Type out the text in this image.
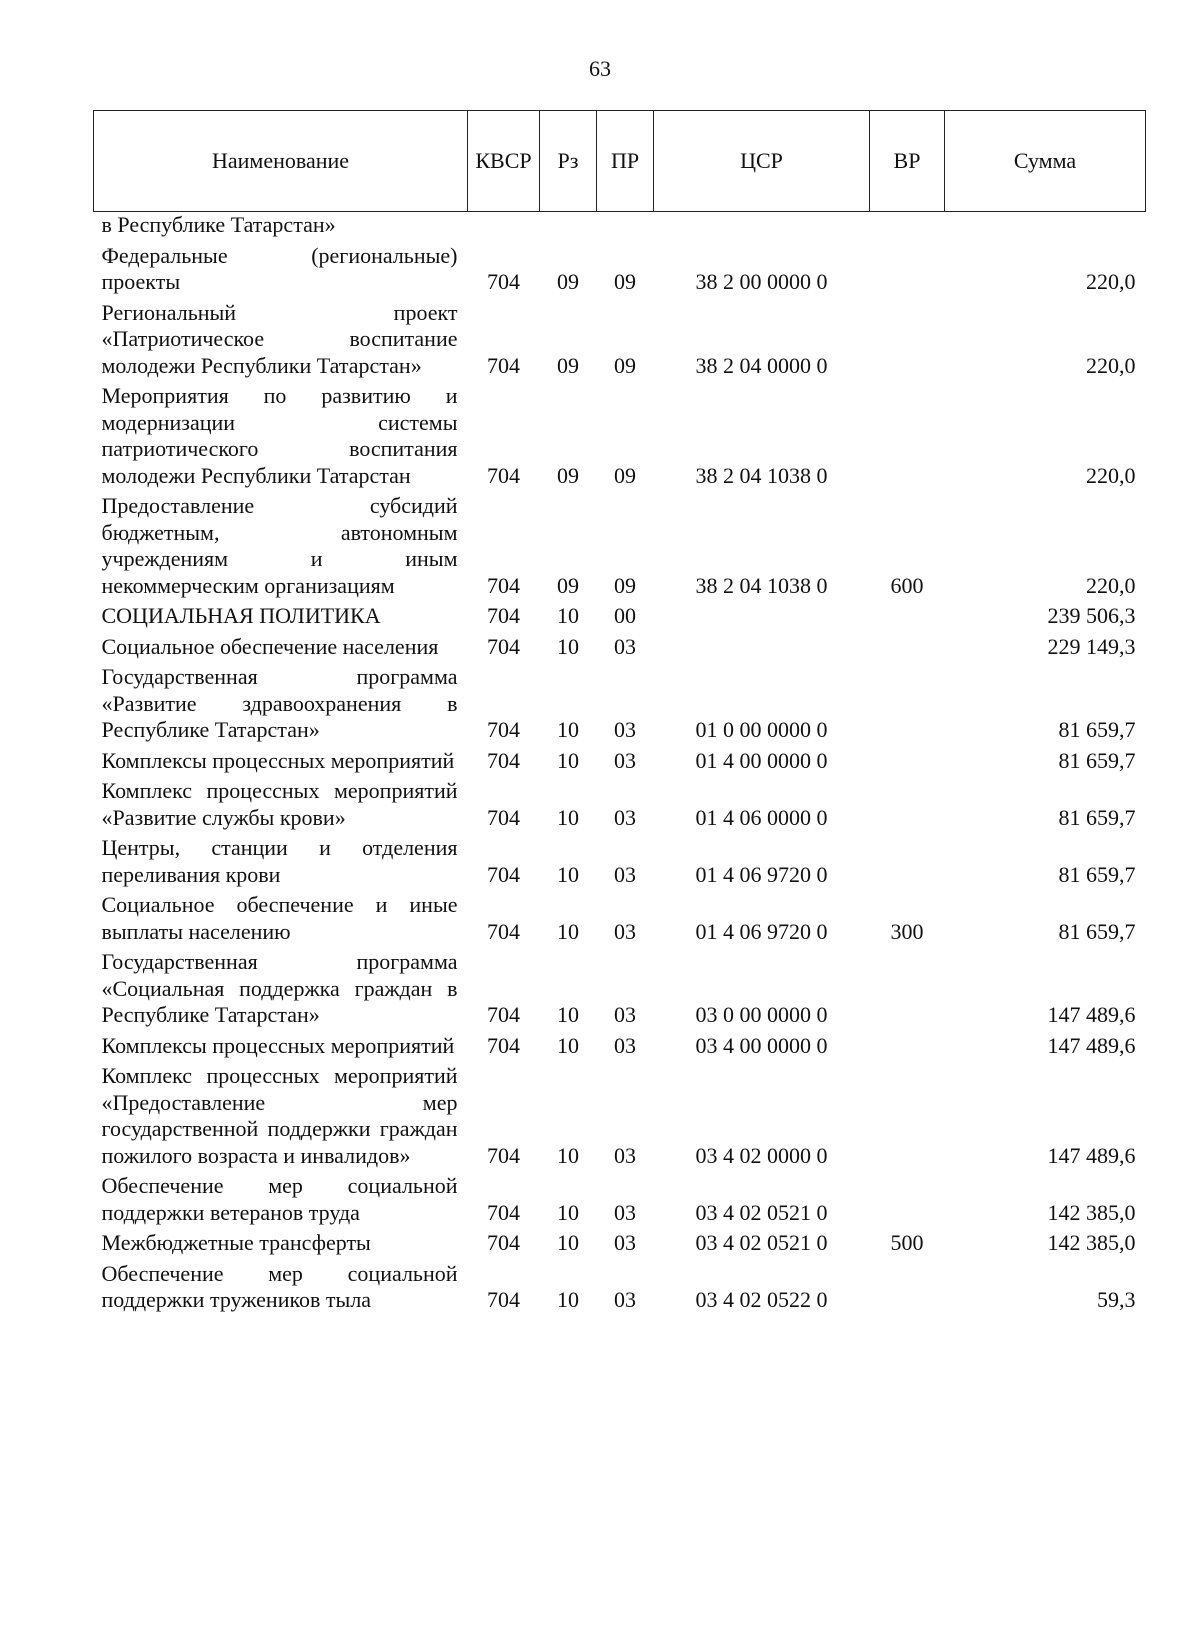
63
Наименование	КВСР	Рз	ПР	ЦСР	ВР	Сумма
в Республике Татарстан»						
Федеральные (региональные) проекты	704	09	09	38 2 00 0000 0		220,0
Региональный проект «Патриотическое воспитание молодежи Республики Татарстан»	704	09	09	38 2 04 0000 0		220,0
Мероприятия по развитию и модернизации системы патриотического воспитания молодежи Республики Татарстан	704	09	09	38 2 04 1038 0		220,0
Предоставление субсидий бюджетным, автономным учреждениям и иным некоммерческим организациям	704	09	09	38 2 04 1038 0	600	220,0
СОЦИАЛЬНАЯ ПОЛИТИКА	704	10	00			239 506,3
Социальное обеспечение населения	704	10	03			229 149,3
Государственная программа «Развитие здравоохранения в Республике Татарстан»	704	10	03	01 0 00 0000 0		81 659,7
Комплексы процессных мероприятий	704	10	03	01 4 00 0000 0		81 659,7
Комплекс процессных мероприятий «Развитие службы крови»	704	10	03	01 4 06 0000 0		81 659,7
Центры, станции и отделения переливания крови	704	10	03	01 4 06 9720 0		81 659,7
Социальное обеспечение и иные выплаты населению	704	10	03	01 4 06 9720 0	300	81 659,7
Государственная программа «Социальная поддержка граждан в Республике Татарстан»	704	10	03	03 0 00 0000 0		147 489,6
Комплексы процессных мероприятий	704	10	03	03 4 00 0000 0		147 489,6
Комплекс процессных мероприятий «Предоставление мер государственной поддержки граждан пожилого возраста и инвалидов»	704	10	03	03 4 02 0000 0		147 489,6
Обеспечение мер социальной поддержки ветеранов труда	704	10	03	03 4 02 0521 0		142 385,0
Межбюджетные трансферты	704	10	03	03 4 02 0521 0	500	142 385,0
Обеспечение мер социальной поддержки тружеников тыла	704	10	03	03 4 02 0522 0		59,3
